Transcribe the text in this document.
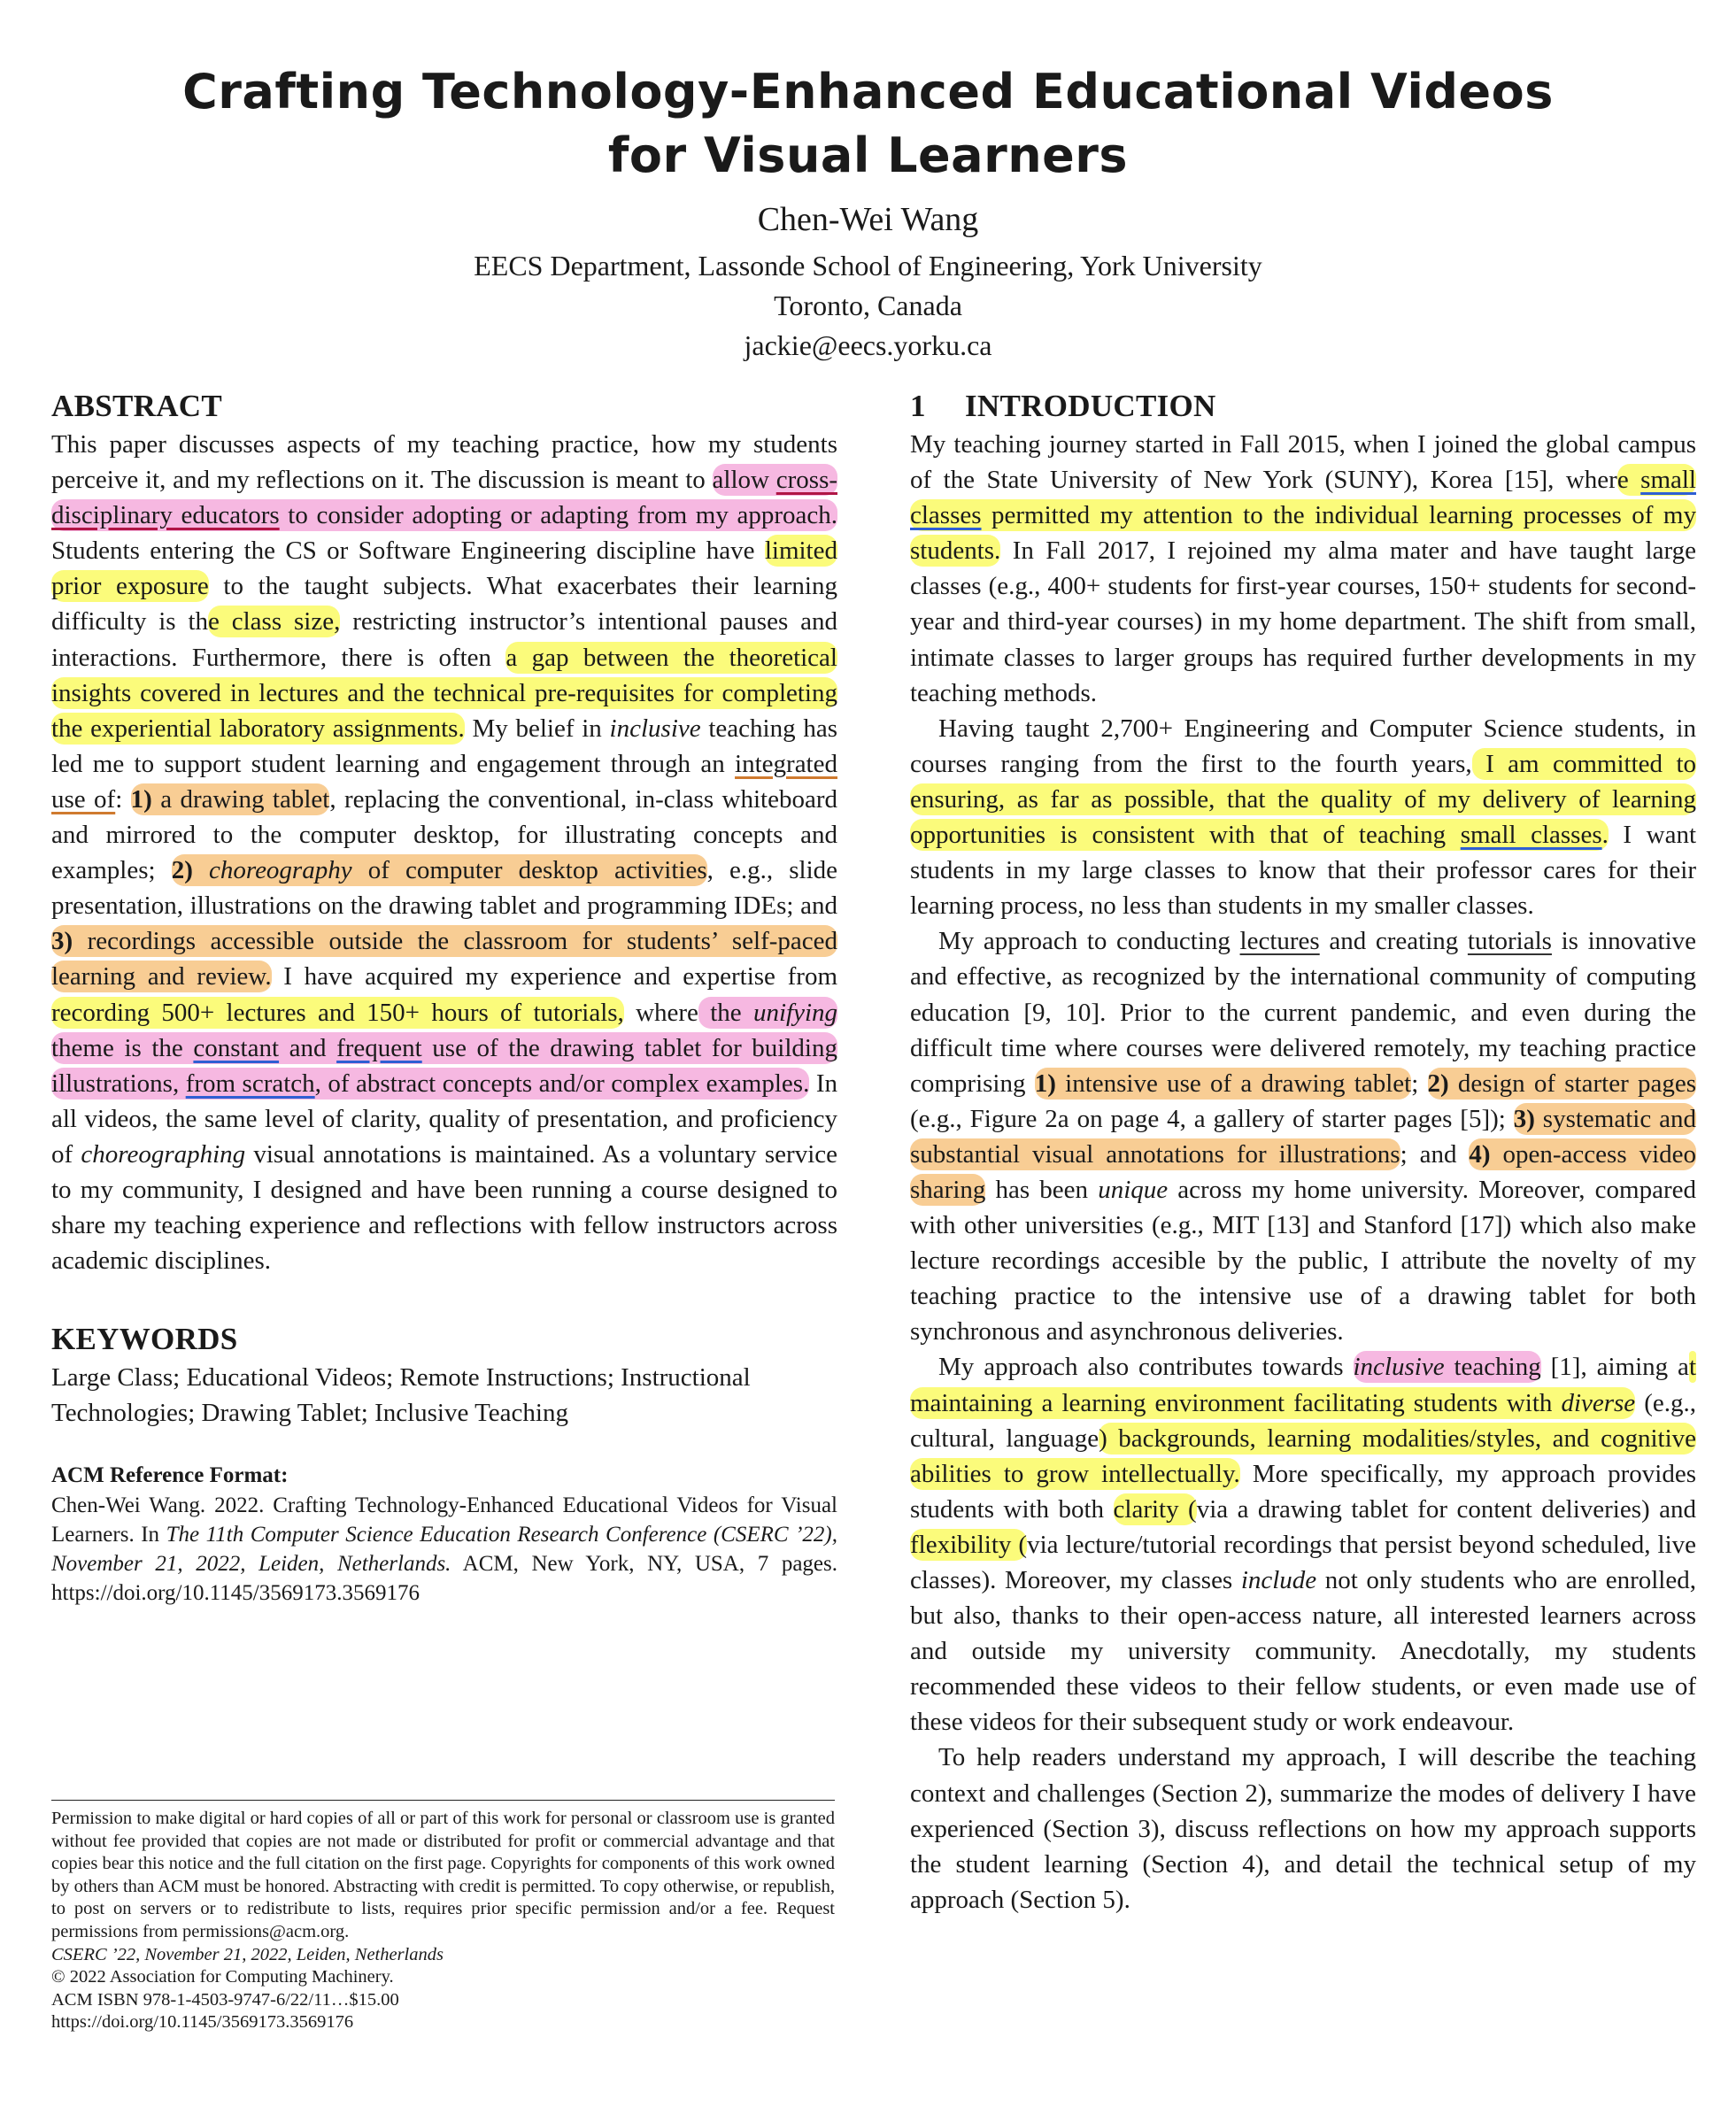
Crafting Technology-Enhanced Educational Videos
for Visual Learners
Chen-Wei Wang
EECS Department, Lassonde School of Engineering, York University
Toronto, Canada
jackie@eecs.yorku.ca
ABSTRACT

This paper discusses aspects of my teaching practice, how my students perceive it, and my reflections on it. The discussion is meant to allow cross-disciplinary educators to consider adopting or adapting from my approach. Students entering the CS or Software Engineering discipline have limited prior exposure to the taught subjects. What exacerbates their learning difficulty is the class size, restricting instructor’s intentional pauses and interactions. Furthermore, there is often a gap between the theoretical insights covered in lectures and the technical pre-requisites for completing the experiential laboratory assignments. My belief in inclusive teaching has led me to support student learning and engagement through an integrated use of: 1) a drawing tablet, replacing the conventional, in-class whiteboard and mirrored to the computer desktop, for illustrating concepts and examples; 2) choreography of computer desktop activities, e.g., slide presentation, illustrations on the drawing tablet and programming IDEs; and 3) recordings accessible outside the classroom for students’ self-paced learning and review. I have acquired my experience and expertise from recording 500+ lectures and 150+ hours of tutorials, where the unifying theme is the constant and frequent use of the drawing tablet for building illustrations, from scratch, of abstract concepts and/or complex examples. In all videos, the same level of clarity, quality of presentation, and proficiency of choreographing visual annotations is maintained. As a voluntary service to my community, I designed and have been running a course designed to share my teaching experience and reflections with fellow instructors across academic disciplines.

KEYWORDS

Large Class; Educational Videos; Remote Instructions; Instructional Technologies; Drawing Tablet; Inclusive Teaching

ACM Reference Format:

Chen-Wei Wang. 2022. Crafting Technology-Enhanced Educational Videos for Visual Learners. In The 11th Computer Science Education Research Conference (CSERC ’22), November 21, 2022, Leiden, Netherlands. ACM, New York, NY, USA, 7 pages. https://doi.org/10.1145/3569173.3569176

Permission to make digital or hard copies of all or part of this work for personal or classroom use is granted without fee provided that copies are not made or distributed for profit or commercial advantage and that copies bear this notice and the full citation on the first page. Copyrights for components of this work owned by others than ACM must be honored. Abstracting with credit is permitted. To copy otherwise, or republish, to post on servers or to redistribute to lists, requires prior specific permission and/or a fee. Request permissions from permissions@acm.org.

CSERC ’22, November 21, 2022, Leiden, Netherlands

© 2022 Association for Computing Machinery.

ACM ISBN 978-1-4503-9747-6/22/11…$15.00

https://doi.org/10.1145/3569173.3569176

1 INTRODUCTION

My teaching journey started in Fall 2015, when I joined the global campus of the State University of New York (SUNY), Korea [15], where small classes permitted my attention to the individual learning processes of my students. In Fall 2017, I rejoined my alma mater and have taught large classes (e.g., 400+ students for first-year courses, 150+ students for second-year and third-year courses) in my home department. The shift from small, intimate classes to larger groups has required further developments in my teaching methods.

Having taught 2,700+ Engineering and Computer Science students, in courses ranging from the first to the fourth years, I am committed to ensuring, as far as possible, that the quality of my delivery of learning opportunities is consistent with that of teaching small classes. I want students in my large classes to know that their professor cares for their learning process, no less than students in my smaller classes.

My approach to conducting lectures and creating tutorials is innovative and effective, as recognized by the international community of computing education [9, 10]. Prior to the current pandemic, and even during the difficult time where courses were delivered remotely, my teaching practice comprising 1) intensive use of a drawing tablet; 2) design of starter pages (e.g., Figure 2a on page 4, a gallery of starter pages [5]); 3) systematic and substantial visual annotations for illustrations; and 4) open-access video sharing has been unique across my home university. Moreover, compared with other universities (e.g., MIT [13] and Stanford [17]) which also make lecture recordings accesible by the public, I attribute the novelty of my teaching practice to the intensive use of a drawing tablet for both synchronous and asynchronous deliveries.

My approach also contributes towards inclusive teaching [1], aiming at maintaining a learning environment facilitating students with diverse (e.g., cultural, language) backgrounds, learning modalities/styles, and cognitive abilities to grow intellectually. More specifically, my approach provides students with both clarity (via a drawing tablet for content deliveries) and flexibility (via lecture/tutorial recordings that persist beyond scheduled, live classes). Moreover, my classes include not only students who are enrolled, but also, thanks to their open-access nature, all interested learners across and outside my university community. Anecdotally, my students recommended these videos to their fellow students, or even made use of these videos for their subsequent study or work endeavour.

To help readers understand my approach, I will describe the teaching context and challenges (Section 2), summarize the modes of delivery I have experienced (Section 3), discuss reflections on how my approach supports the student learning (Section 4), and detail the technical setup of my approach (Section 5).
